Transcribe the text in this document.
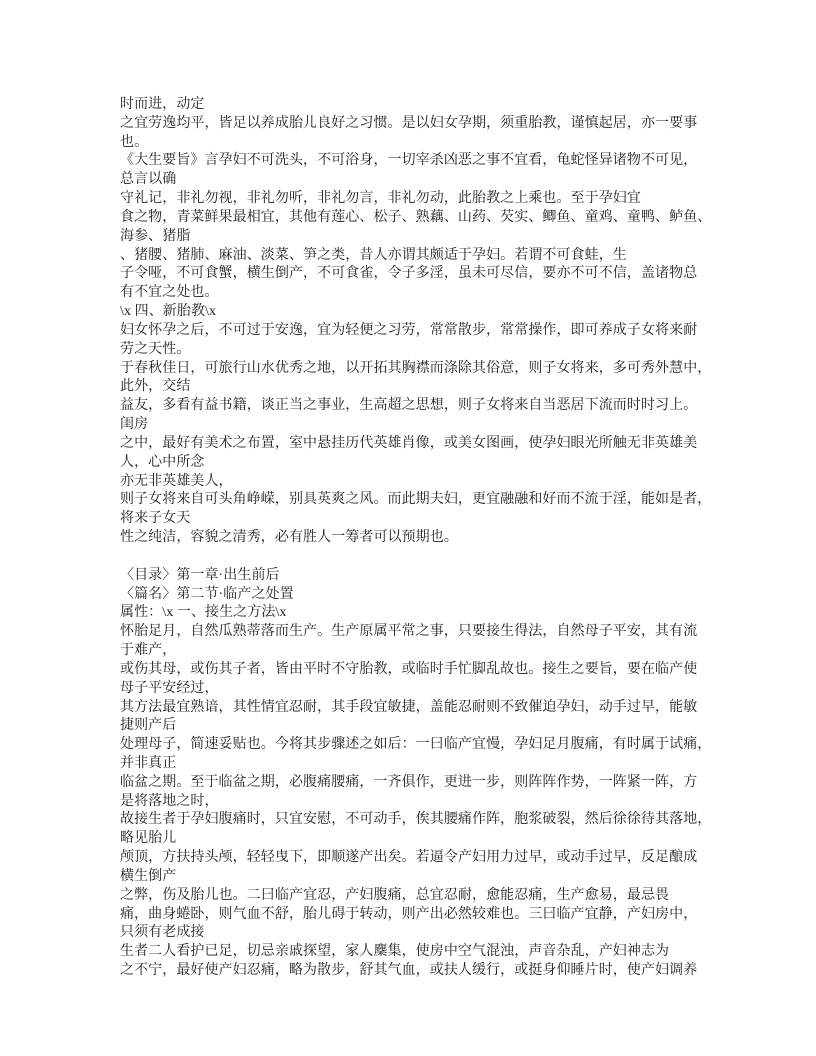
时而进，动定
之宜劳逸均平，皆足以养成胎儿良好之习惯。是以妇女孕期，须重胎教，谨慎起居，亦一要事
也。
《大生要旨》言孕妇不可洗头，不可浴身，一切宰杀凶恶之事不宜看，龟蛇怪异诸物不可见，
总言以确
守礼记，非礼勿视，非礼勿听，非礼勿言，非礼勿动，此胎教之上乘也。至于孕妇宜
食之物，青菜鲜果最相宜，其他有莲心、松子、熟藕、山药、芡实、鲫鱼、童鸡、童鸭、鲈鱼、
海参、猪脂
、猪腰、猪肺、麻油、淡菜、笋之类，昔人亦谓其颇适于孕妇。若谓不可食蛙，生
子令哑，不可食蟹，横生倒产，不可食雀，令子多淫，虽未可尽信，要亦不可不信，盖诸物总
有不宜之处也。
\x 四、新胎教\x
妇女怀孕之后，不可过于安逸，宜为轻便之习劳，常常散步，常常操作，即可养成子女将来耐
劳之天性。
于春秋佳日，可旅行山水优秀之地，以开拓其胸襟而涤除其俗意，则子女将来，多可秀外慧中，
此外，交结
益友，多看有益书籍，谈正当之事业，生高超之思想，则子女将来自当恶居下流而时时习上。
闺房
之中，最好有美术之布置，室中悬挂历代英雄肖像，或美女图画，使孕妇眼光所触无非英雄美
人，心中所念
亦无非英雄美人，
则子女将来自可头角峥嵘，别具英爽之风。而此期夫妇，更宜融融和好而不流于淫，能如是者，
将来子女天
性之纯洁，容貌之清秀，必有胜人一筹者可以预期也。
〈目录〉第一章·出生前后
〈篇名〉第二节·临产之处置
属性：\x 一、接生之方法\x
怀胎足月，自然瓜熟蒂落而生产。生产原属平常之事，只要接生得法，自然母子平安，其有流
于难产，
或伤其母，或伤其子者，皆由平时不守胎教，或临时手忙脚乱故也。接生之要旨，要在临产使
母子平安经过，
其方法最宜熟谙，其性情宜忍耐，其手段宜敏捷，盖能忍耐则不致催迫孕妇，动手过早，能敏
捷则产后
处理母子，简速妥贴也。今将其步骤述之如后：一曰临产宜慢，孕妇足月腹痛，有时属于试痛，
并非真正
临盆之期。至于临盆之期，必腹痛腰痛，一齐俱作，更进一步，则阵阵作势，一阵紧一阵，方
是将落地之时，
故接生者于孕妇腹痛时，只宜安慰，不可动手，俟其腰痛作阵，胞浆破裂，然后徐徐待其落地，
略见胎儿
颅顶，方扶持头颅，轻轻曳下，即顺遂产出矣。若逼令产妇用力过早，或动手过早，反足酿成
横生倒产
之弊，伤及胎儿也。二曰临产宜忍，产妇腹痛，总宜忍耐，愈能忍痛，生产愈易，最忌畏
痛，曲身蜷卧，则气血不舒，胎儿碍于转动，则产出必然较难也。三曰临产宜静，产妇房中，
只须有老成接
生者二人看护已足，切忌亲戚探望，家人麇集，使房中空气混浊，声音杂乱，产妇神志为
之不宁，最好使产妇忍痛，略为散步，舒其气血，或扶人缓行，或挺身仰睡片时，使产妇调养
